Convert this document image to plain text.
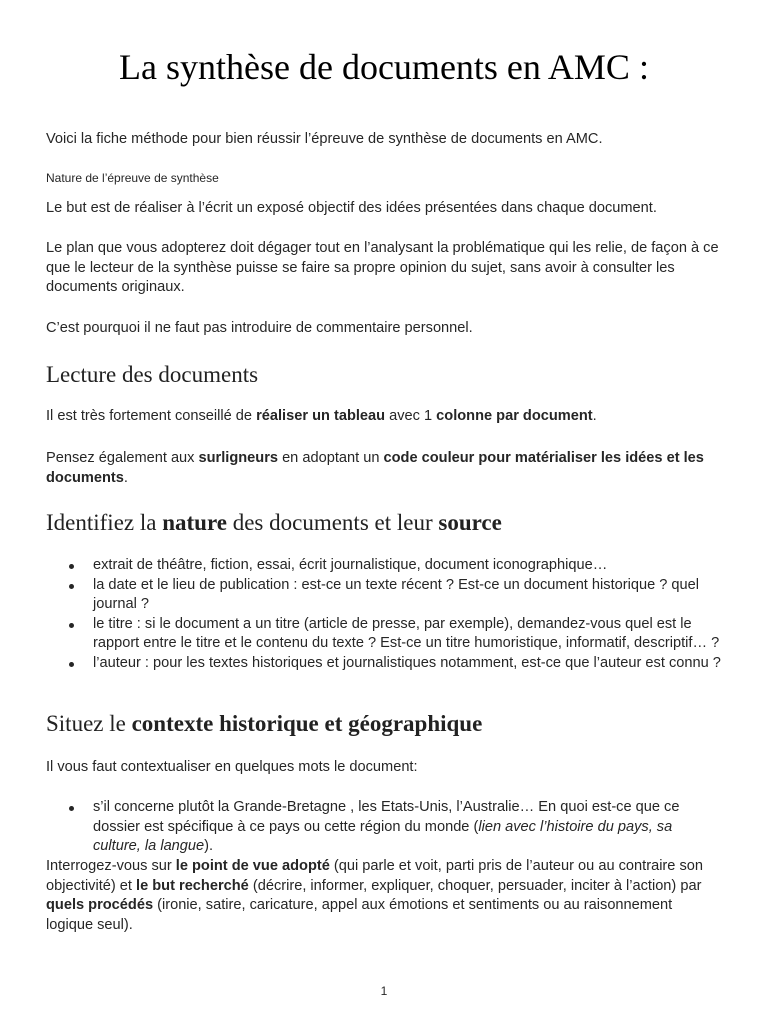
La synthèse de documents en AMC :

Voici la fiche méthode pour bien réussir l’épreuve de synthèse de documents en AMC.

Nature de l’épreuve de synthèse

Le but est de réaliser à l’écrit un exposé objectif des idées présentées dans chaque document.

Le plan que vous adopterez doit dégager tout en l’analysant la problématique qui les relie, de façon à ce que le lecteur de la synthèse puisse se faire sa propre opinion du sujet, sans avoir à consulter les documents originaux.

C’est pourquoi il ne faut pas introduire de commentaire personnel.

Lecture des documents

Il est très fortement conseillé de réaliser un tableau avec 1 colonne par document.

Pensez également aux surligneurs en adoptant un code couleur pour matérialiser les idées et les documents.

Identifiez la nature des documents et leur source
extrait de théâtre, fiction, essai, écrit journalistique, document iconographique…
la date et le lieu de publication : est-ce un texte récent ? Est-ce un document historique ? quel journal ?
le titre : si le document a un titre (article de presse, par exemple), demandez-vous quel est le rapport entre le titre et le contenu du texte ? Est-ce un titre humoristique, informatif, descriptif… ?
l’auteur : pour les textes historiques et journalistiques notamment, est-ce que l’auteur est connu ?
Situez le contexte historique et géographique

Il vous faut contextualiser en quelques mots le document:

s’il concerne plutôt la Grande-Bretagne , les Etats-Unis, l’Australie… En quoi est-ce que ce dossier est spécifique à ce pays ou cette région du monde (lien avec l’histoire du pays, sa culture, la langue).

Interrogez-vous sur le point de vue adopté (qui parle et voit, parti pris de l’auteur ou au contraire son objectivité) et le but recherché (décrire, informer, expliquer, choquer, persuader, inciter à l’action) par quels procédés (ironie, satire, caricature, appel aux émotions et sentiments ou au raisonnement logique seul).

1
